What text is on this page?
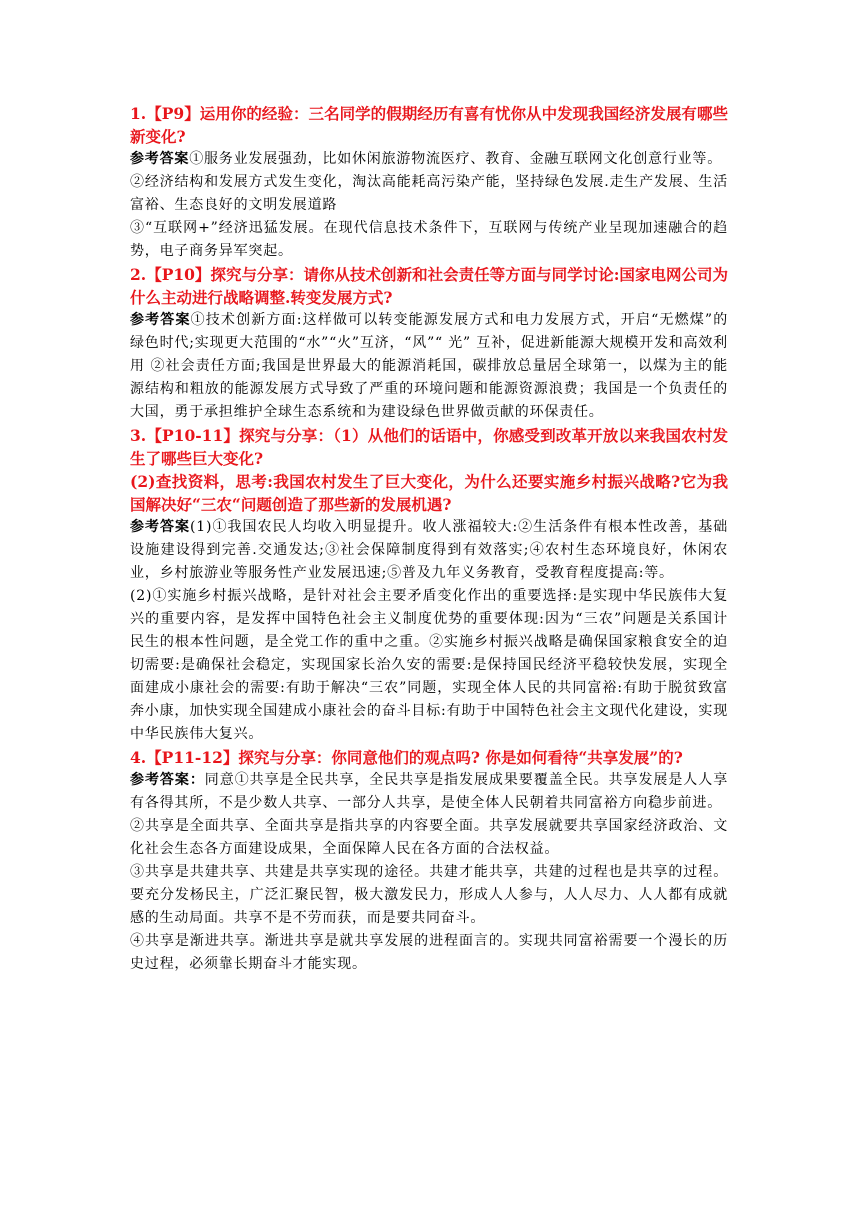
1.【P9】运用你的经验：三名同学的假期经历有喜有忧你从中发现我国经济发展有哪些新变化?

参考答案①服务业发展强劲，比如休闲旅游物流医疗、教育、金融互联网文化创意行业等。

②经济结构和发展方式发生变化，淘汰高能耗高污染产能，坚持绿色发展.走生产发展、生活富裕、生态良好的文明发展道路

③“互联网+”经济迅猛发展。在现代信息技术条件下，互联网与传统产业呈现加速融合的趋势，电子商务异军突起。

2.【P10】探究与分享：请你从技术创新和社会责任等方面与同学讨论:国家电网公司为什么主动进行战略调整.转变发展方式?

参考答案①技术创新方面:这样做可以转变能源发展方式和电力发展方式，开启“无燃煤”的绿色时代;实现更大范围的“水”“火”互济，“风”“ 光” 互补，促进新能源大规模开发和高效利用 ②社会责任方面;我国是世界最大的能源消耗国，碳排放总量居全球第一，以煤为主的能源结构和粗放的能源发展方式导致了严重的环境问题和能源资源浪费；我国是一个负责任的大国，勇于承担维护全球生态系统和为建设绿色世界做贡献的环保责任。

3.【P10-11】探究与分享：（1）从他们的话语中，你感受到改革开放以来我国农村发生了哪些巨大变化?

(2)查找资料，思考:我国农村发生了巨大变化，为什么还要实施乡村振兴战略?它为我国解决好“三农“问题创造了那些新的发展机遇?

参考答案(1)①我国农民人均收入明显提升。收人涨福较大:②生活条件有根本性改善，基础设施建设得到完善.交通发达;③社会保障制度得到有效落实;④农村生态环境良好，休闲农业，乡村旅游业等服务性产业发展迅速;⑤普及九年义务教育，受教育程度提高:等。

(2)①实施乡村振兴战略，是针对社会主要矛盾变化作出的重要选择:是实现中华民族伟大复兴的重要内容，是发挥中国特色社会主义制度优势的重要体现:因为“三农”问题是关系国计民生的根本性问题，是全党工作的重中之重。②实施乡村振兴战略是确保国家粮食安全的迫切需要:是确保社会稳定，实现国家长治久安的需要:是保持国民经济平稳较快发展，实现全面建成小康社会的需要:有助于解决“三农”同题，实现全体人民的共同富裕:有助于脱贫致富奔小康，加快实现全国建成小康社会的奋斗目标:有助于中国特色社会主文现代化建设，实现中华民族伟大复兴。

4.【P11-12】探究与分享：你同意他们的观点吗? 你是如何看待“共享发展”的?

参考答案：同意①共享是全民共享，全民共享是指发展成果要覆盖全民。共享发展是人人享有各得其所，不是少数人共享、一部分人共享，是使全体人民朝着共同富裕方向稳步前进。

②共享是全面共享、全面共享是指共享的内容要全面。共享发展就要共享国家经济政治、文化社会生态各方面建设成果，全面保障人民在各方面的合法权益。

③共享是共建共享、共建是共享实现的途径。共建才能共享，共建的过程也是共享的过程。要充分发杨民主，广泛汇聚民智，极大激发民力，形成人人参与，人人尽力、人人都有成就感的生动局面。共享不是不劳而获，而是要共同奋斗。

④共享是渐进共享。渐进共享是就共享发展的进程面言的。实现共同富裕需要一个漫长的历史过程，必须靠长期奋斗才能实现。
